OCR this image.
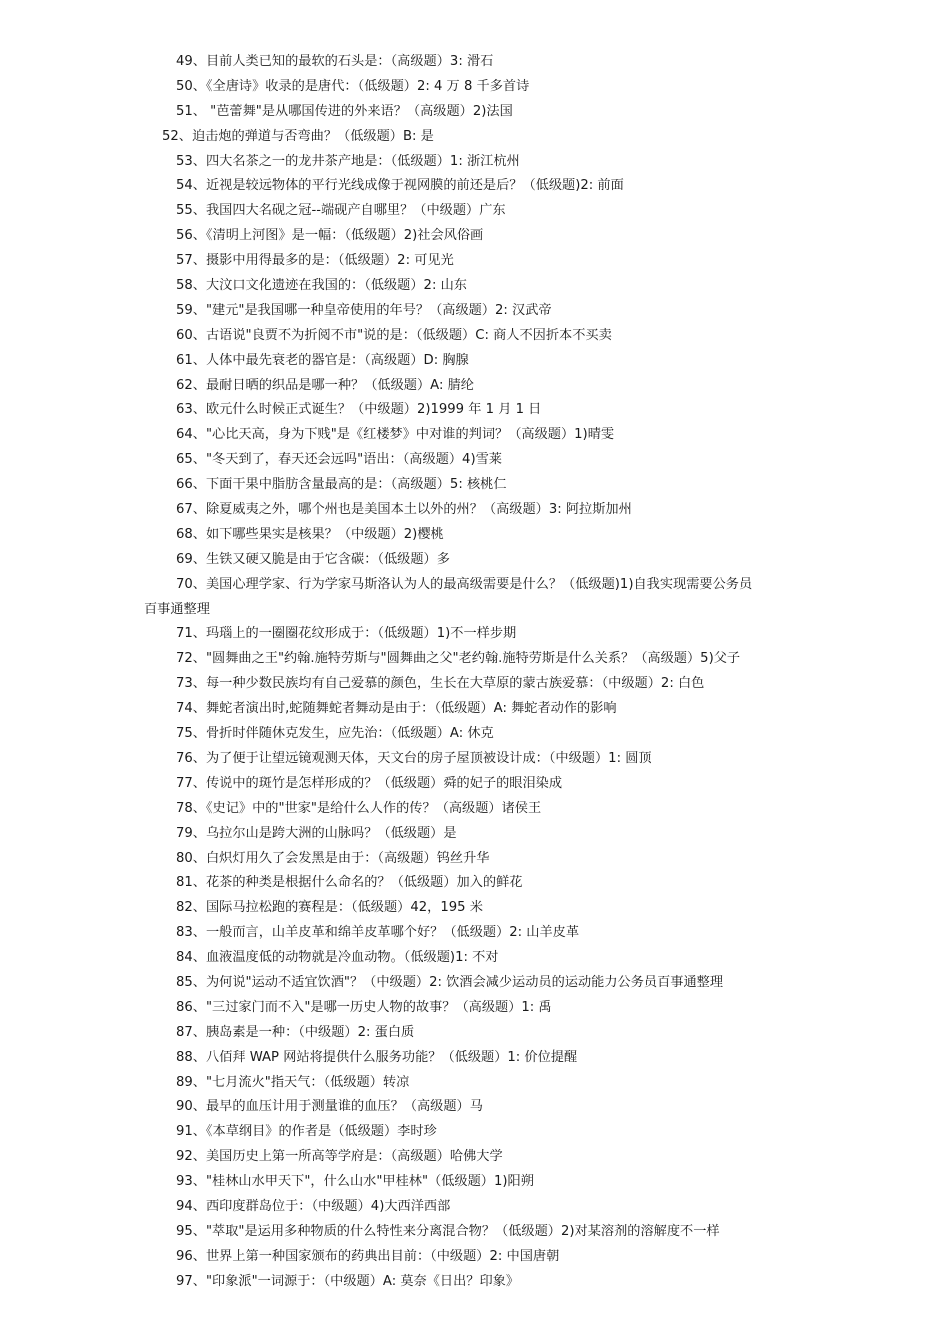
49、目前人类已知的最软的石头是：（高级题）3: 滑石
50、《全唐诗》收录的是唐代：（低级题）2: 4 万 8 千多首诗
51、 "芭蕾舞"是从哪国传进的外来语？（高级题）2)法国
52、迫击炮的弹道与否弯曲？（低级题）B: 是
53、四大名茶之一的龙井茶产地是：（低级题）1: 浙江杭州
54、近视是较远物体的平行光线成像于视网膜的前还是后？（低级题)2: 前面
55、我国四大名砚之冠--端砚产自哪里？（中级题）广东
56、《清明上河图》是一幅：（低级题）2)社会风俗画
57、摄影中用得最多的是：（低级题）2: 可见光
58、大汶口文化遗迹在我国的：（低级题）2: 山东
59、"建元"是我国哪一种皇帝使用的年号？（高级题）2: 汉武帝
60、古语说"良贾不为折阅不市"说的是：（低级题）C: 商人不因折本不买卖
61、人体中最先衰老的器官是：（高级题）D: 胸腺
62、最耐日晒的织品是哪一种？（低级题）A: 腈纶
63、欧元什么时候正式诞生？（中级题）2)1999 年 1 月 1 日
64、"心比天高，身为下贱"是《红楼梦》中对谁的判词？（高级题）1)晴雯
65、"冬天到了，春天还会远吗"语出：（高级题）4)雪莱
66、下面干果中脂肪含量最高的是：（高级题）5: 核桃仁
67、除夏威夷之外，哪个州也是美国本土以外的州？（高级题）3: 阿拉斯加州
68、如下哪些果实是核果？（中级题）2)樱桃
69、生铁又硬又脆是由于它含碳：（低级题）多
70、美国心理学家、行为学家马斯洛认为人的最高级需要是什么？（低级题)1)自我实现需要公务员
百事通整理
71、玛瑙上的一圈圈花纹形成于：（低级题）1)不一样步期
72、"圆舞曲之王"约翰.施特劳斯与"圆舞曲之父"老约翰.施特劳斯是什么关系？（高级题）5)父子
73、每一种少数民族均有自己爱慕的颜色，生长在大草原的蒙古族爱慕：（中级题）2: 白色
74、舞蛇者演出时,蛇随舞蛇者舞动是由于：（低级题）A: 舞蛇者动作的影响
75、骨折时伴随休克发生，应先治：（低级题）A: 休克
76、为了便于让望远镜观测天体，天文台的房子屋顶被设计成：（中级题）1: 圆顶
77、传说中的斑竹是怎样形成的？（低级题）舜的妃子的眼泪染成
78、《史记》中的"世家"是给什么人作的传？（高级题）诸侯王
79、乌拉尔山是跨大洲的山脉吗？（低级题）是
80、白炽灯用久了会发黑是由于：（高级题）钨丝升华
81、花茶的种类是根据什么命名的？（低级题）加入的鲜花
82、国际马拉松跑的赛程是：（低级题）42，195 米
83、一般而言，山羊皮革和绵羊皮革哪个好？（低级题）2: 山羊皮革
84、血液温度低的动物就是冷血动物。（低级题)1: 不对
85、为何说"运动不适宜饮酒"？（中级题）2: 饮酒会减少运动员的运动能力公务员百事通整理
86、"三过家门而不入"是哪一历史人物的故事？（高级题）1: 禹
87、胰岛素是一种：（中级题）2: 蛋白质
88、八佰拜 WAP 网站将提供什么服务功能？（低级题）1: 价位提醒
89、"七月流火"指天气：（低级题）转凉
90、最早的血压计用于测量谁的血压？（高级题）马
91、《本草纲目》的作者是（低级题）李时珍
92、美国历史上第一所高等学府是：（高级题）哈佛大学
93、"桂林山水甲天下"，什么山水"甲桂林"（低级题）1)阳朔
94、西印度群岛位于：（中级题）4)大西洋西部
95、"萃取"是运用多种物质的什么特性来分离混合物？（低级题）2)对某溶剂的溶解度不一样
96、世界上第一种国家颁布的药典出目前：（中级题）2: 中国唐朝
97、"印象派"一词源于：（中级题）A: 莫奈《日出？印象》
